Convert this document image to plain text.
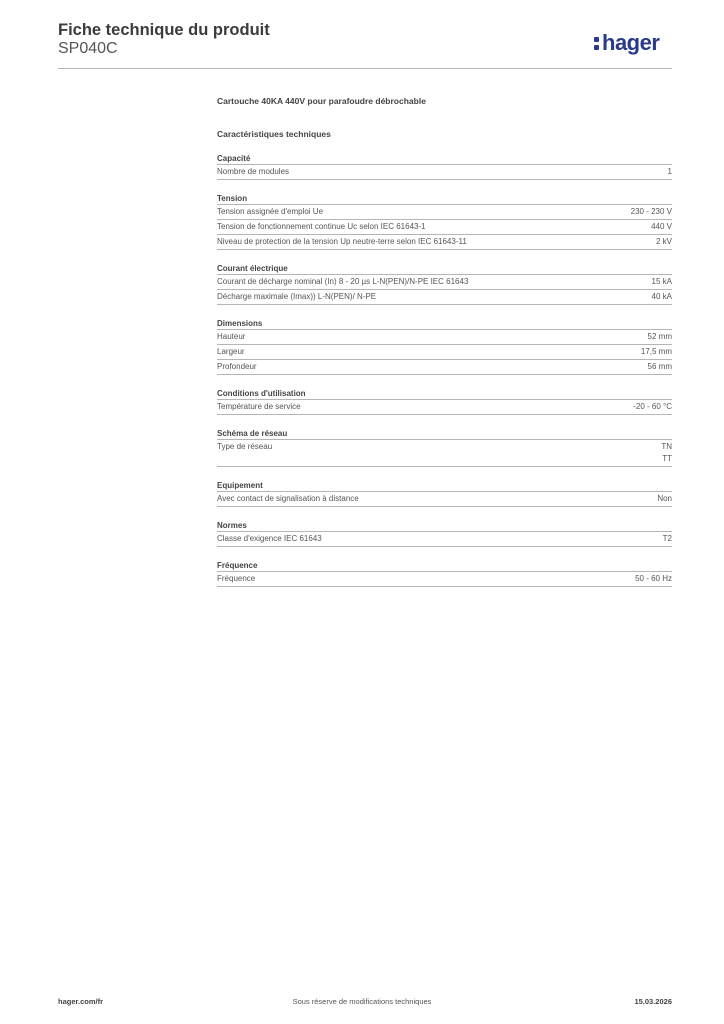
Fiche technique du produit
SP040C	hager

Cartouche 40KA 440V pour parafoudre débrochable

Caractéristiques techniques

Capacité
Nombre de modules	1
Tension
Tension assignée d'emploi Ue	230 - 230 V
Tension de fonctionnement continue Uc selon IEC 61643-1	440 V
Niveau de protection de la tension Up neutre-terre selon IEC 61643-11	2 kV
Courant électrique
Courant de décharge nominal (In) 8 - 20 µs L-N(PEN)/N-PE IEC 61643	15 kA
Décharge maximale (Imax)) L-N(PEN)/ N-PE	40 kA
Dimensions
Hauteur	52 mm
Largeur	17,5 mm
Profondeur	56 mm
Conditions d'utilisation
Température de service	-20 - 60 °C
Schéma de réseau
Type de réseau	TN
TT
Equipement
Avec contact de signalisation à distance	Non
Normes
Classe d'exigence IEC 61643	T2
Fréquence
Fréquence	50 - 60 Hz
hager.com/fr	Sous réserve de modifications techniques	15.03.2026
